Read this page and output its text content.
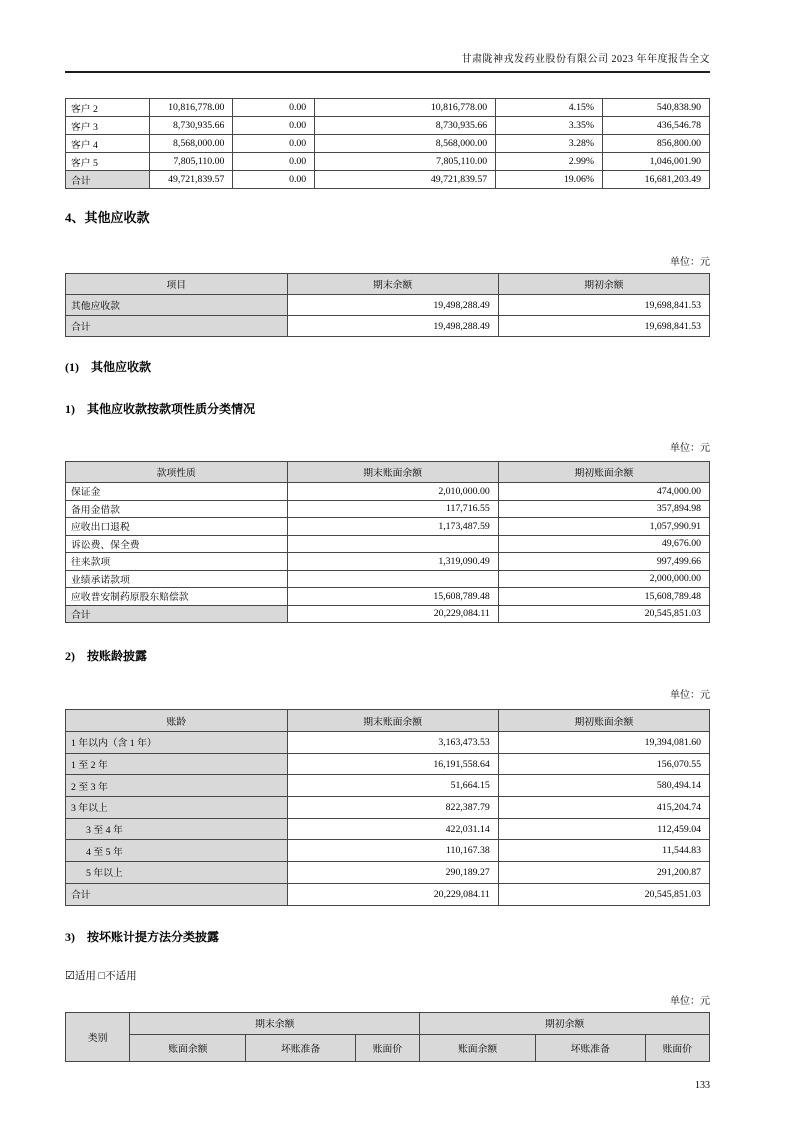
甘肃陇神戎发药业股份有限公司 2023 年年度报告全文
客户 2	10,816,778.00	0.00	10,816,778.00	4.15%	540,838.90
客户 3	8,730,935.66	0.00	8,730,935.66	3.35%	436,546.78
客户 4	8,568,000.00	0.00	8,568,000.00	3.28%	856,800.00
客户 5	7,805,110.00	0.00	7,805,110.00	2.99%	1,046,001.90
合计	49,721,839.57	0.00	49,721,839.57	19.06%	16,681,203.49
4、其他应收款
单位：元
项目	期末余额	期初余额
其他应收款	19,498,288.49	19,698,841.53
合计	19,498,288.49	19,698,841.53
(1)　其他应收款
1)　其他应收款按款项性质分类情况
单位：元
款项性质	期末账面余额	期初账面余额
保证金	2,010,000.00	474,000.00
备用金借款	117,716.55	357,894.98
应收出口退税	1,173,487.59	1,057,990.91
诉讼费、保全费		49,676.00
往来款项	1,319,090.49	997,499.66
业绩承诺款项		2,000,000.00
应收普安制药原股东赔偿款	15,608,789.48	15,608,789.48
合计	20,229,084.11	20,545,851.03
2)　按账龄披露
单位：元
账龄	期末账面余额	期初账面余额
1 年以内（含 1 年）	3,163,473.53	19,394,081.60
1 至 2 年	16,191,558.64	156,070.55
2 至 3 年	51,664.15	580,494.14
3 年以上	822,387.79	415,204.74
3 至 4 年	422,031.14	112,459.04
4 至 5 年	110,167.38	11,544.83
5 年以上	290,189.27	291,200.87
合计	20,229,084.11	20,545,851.03
3)　按坏账计提方法分类披露
☑适用 □不适用
单位：元
类别	期末余额			期初余额		
	账面余额	坏账准备	账面价	账面余额	坏账准备	账面价
133
